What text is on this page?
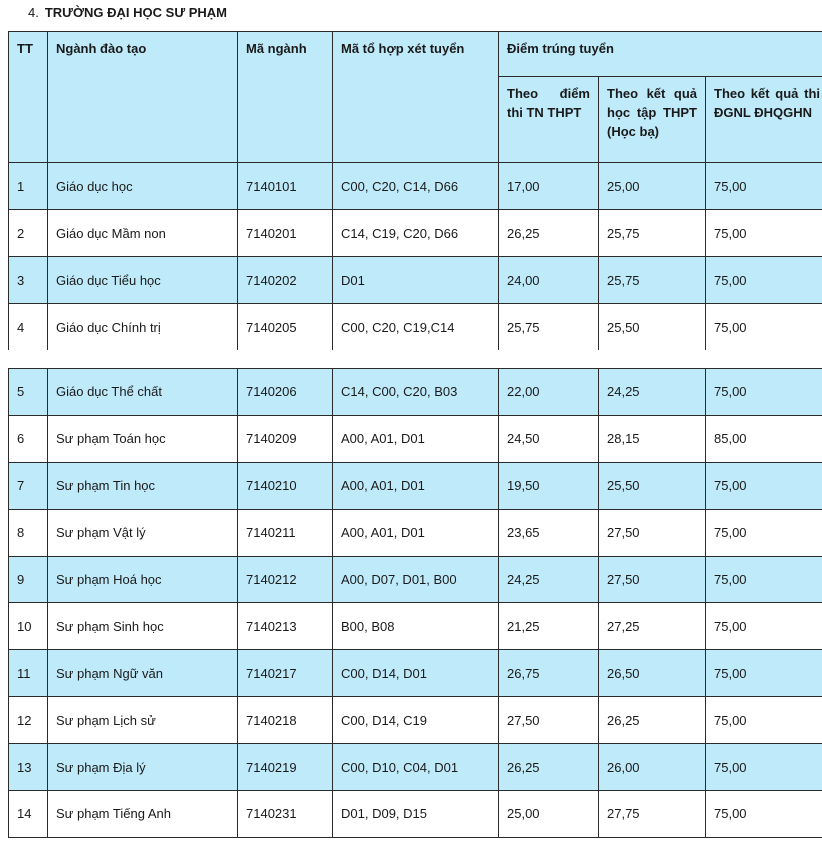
4. TRƯỜNG ĐẠI HỌC SƯ PHẠM
TT	Ngành đào tạo	Mã ngành	Mã tổ hợp xét tuyển	Điểm trúng tuyển		
				Theo điểm thi TN THPT	Theo kết quả học tập THPT (Học bạ)	Theo kết quả thi ĐGNL ĐHQGHN
1	Giáo dục học	7140101	C00, C20, C14, D66	17,00	25,00	75,00
2	Giáo dục Mầm non	7140201	C14, C19, C20, D66	26,25	25,75	75,00
3	Giáo dục Tiểu học	7140202	D01	24,00	25,75	75,00
4	Giáo dục Chính trị	7140205	C00, C20, C19,C14	25,75	25,50	75,00
5	Giáo dục Thể chất	7140206	C14, C00, C20, B03	22,00	24,25	75,00
6	Sư phạm Toán học	7140209	A00, A01, D01	24,50	28,15	85,00
7	Sư phạm Tin học	7140210	A00, A01, D01	19,50	25,50	75,00
8	Sư phạm Vật lý	7140211	A00, A01, D01	23,65	27,50	75,00
9	Sư phạm Hoá học	7140212	A00, D07, D01, B00	24,25	27,50	75,00
10	Sư phạm Sinh học	7140213	B00, B08	21,25	27,25	75,00
11	Sư phạm Ngữ văn	7140217	C00, D14, D01	26,75	26,50	75,00
12	Sư phạm Lịch sử	7140218	C00, D14, C19	27,50	26,25	75,00
13	Sư phạm Địa lý	7140219	C00, D10, C04, D01	26,25	26,00	75,00
14	Sư phạm Tiếng Anh	7140231	D01, D09, D15	25,00	27,75	75,00
